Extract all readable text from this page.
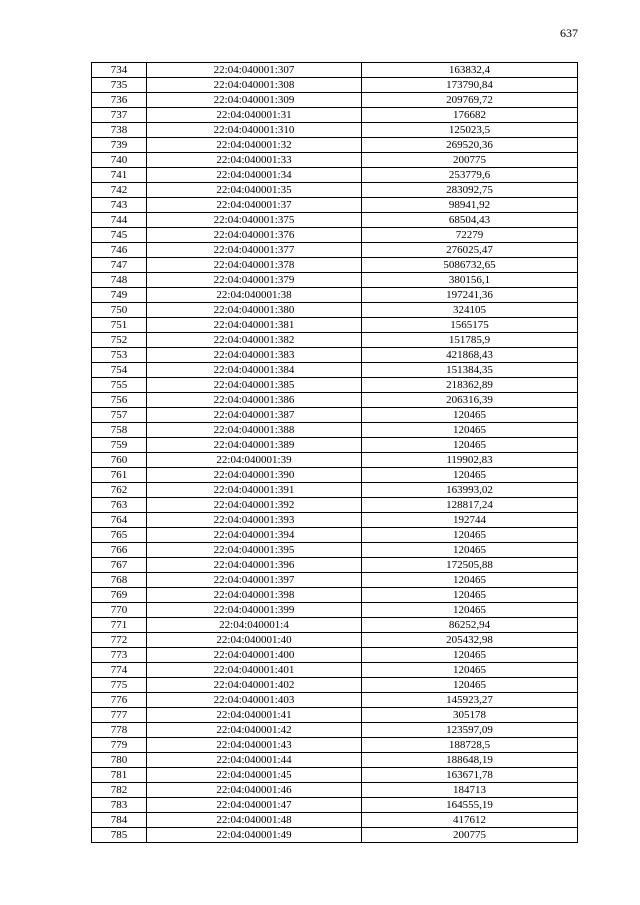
637
734	22:04:040001:307	163832,4
735	22:04:040001:308	173790,84
736	22:04:040001:309	209769,72
737	22:04:040001:31	176682
738	22:04:040001:310	125023,5
739	22:04:040001:32	269520,36
740	22:04:040001:33	200775
741	22:04:040001:34	253779,6
742	22:04:040001:35	283092,75
743	22:04:040001:37	98941,92
744	22:04:040001:375	68504,43
745	22:04:040001:376	72279
746	22:04:040001:377	276025,47
747	22:04:040001:378	5086732,65
748	22:04:040001:379	380156,1
749	22:04:040001:38	197241,36
750	22:04:040001:380	324105
751	22:04:040001:381	1565175
752	22:04:040001:382	151785,9
753	22:04:040001:383	421868,43
754	22:04:040001:384	151384,35
755	22:04:040001:385	218362,89
756	22:04:040001:386	206316,39
757	22:04:040001:387	120465
758	22:04:040001:388	120465
759	22:04:040001:389	120465
760	22:04:040001:39	119902,83
761	22:04:040001:390	120465
762	22:04:040001:391	163993,02
763	22:04:040001:392	128817,24
764	22:04:040001:393	192744
765	22:04:040001:394	120465
766	22:04:040001:395	120465
767	22:04:040001:396	172505,88
768	22:04:040001:397	120465
769	22:04:040001:398	120465
770	22:04:040001:399	120465
771	22:04:040001:4	86252,94
772	22:04:040001:40	205432,98
773	22:04:040001:400	120465
774	22:04:040001:401	120465
775	22:04:040001:402	120465
776	22:04:040001:403	145923,27
777	22:04:040001:41	305178
778	22:04:040001:42	123597,09
779	22:04:040001:43	188728,5
780	22:04:040001:44	188648,19
781	22:04:040001:45	163671,78
782	22:04:040001:46	184713
783	22:04:040001:47	164555,19
784	22:04:040001:48	417612
785	22:04:040001:49	200775
